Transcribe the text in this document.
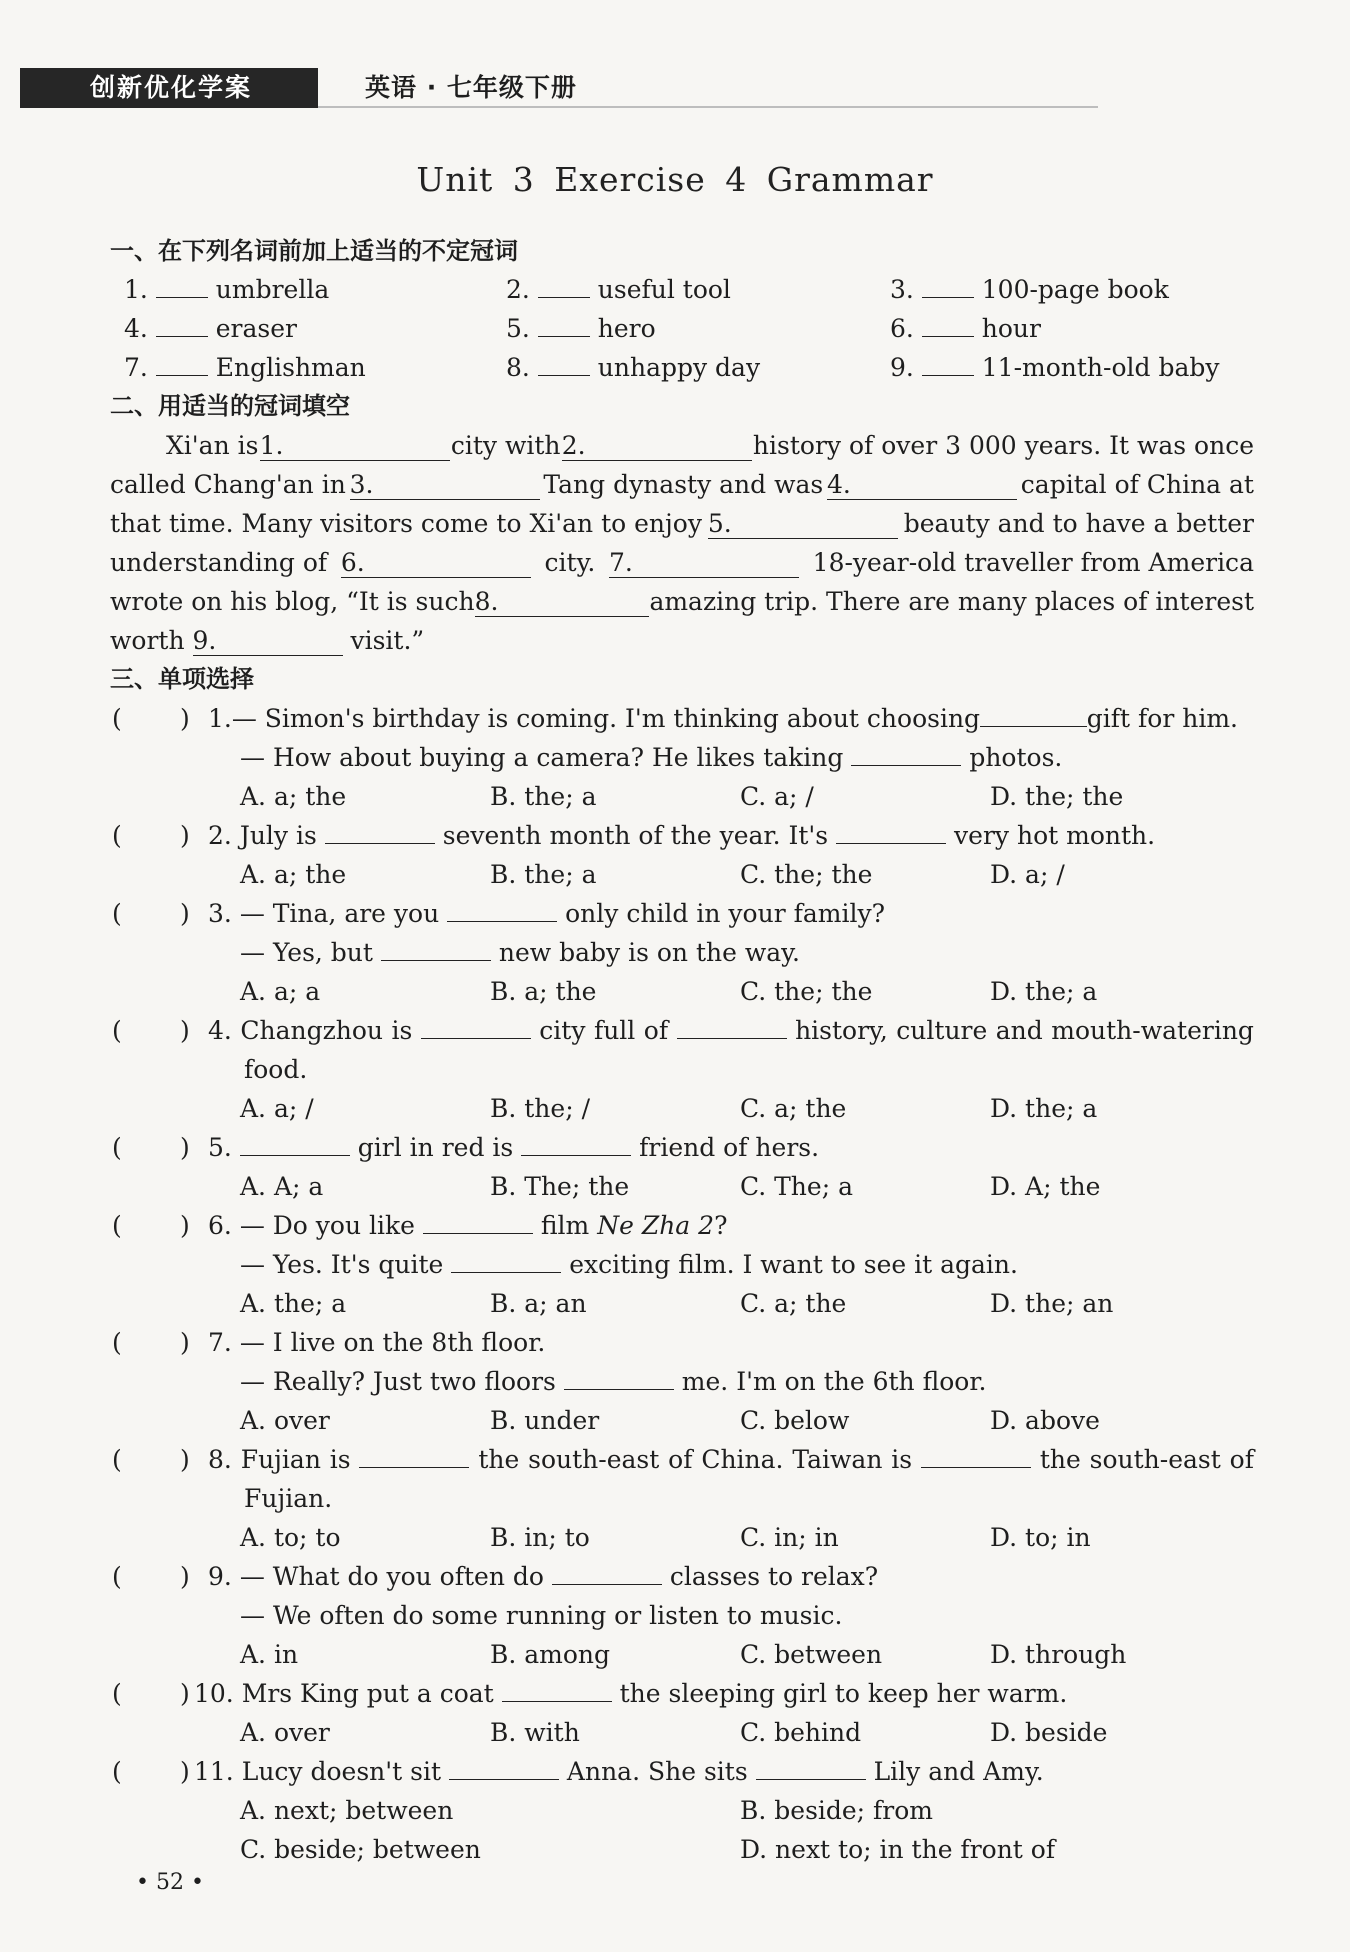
创新优化学案	英语 · 七年级下册
Unit 3 Exercise 4 Grammar
一、在下列名词前加上适当的不定冠词
1.	umbrella	2.	useful tool	3.	100-page book
4.	eraser	5.	hero	6.	hour
7.	Englishman	8.	unhappy day	9.	11-month-old baby
二、用适当的冠词填空
Xi'an is 1.	city with 2.	history of over 3 000 years. It was once
called Chang'an in 3.	Tang dynasty and was 4.	capital of China at
that time. Many visitors come to Xi'an to enjoy 5.	beauty and to have a better
understanding of 6.	city. 7.	18-year-old traveller from America
wrote on his blog, “It is such 8.	amazing trip. There are many places of interest
worth 9.	visit.”
三、单项选择
( ) 1. — Simon's birthday is coming. I'm thinking about choosing	gift for him.
— How about buying a camera? He likes taking	photos.
A. a; the	B. the; a	C. a; /	D. the; the
( ) 2. July is	seventh month of the year. It's	very hot month.
A. a; the	B. the; a	C. the; the	D. a; /
( ) 3. — Tina, are you	only child in your family?
— Yes, but	new baby is on the way.
A. a; a	B. a; the	C. the; the	D. the; a
( ) 4. Changzhou is	city full of	history, culture and mouth-watering
food.
A. a; /	B. the; /	C. a; the	D. the; a
( ) 5.	girl in red is	friend of hers.
A. A; a	B. The; the	C. The; a	D. A; the
( ) 6. — Do you like	film Ne Zha 2?
— Yes. It's quite	exciting film. I want to see it again.
A. the; a	B. a; an	C. a; the	D. the; an
( ) 7. — I live on the 8th floor.
— Really? Just two floors	me. I'm on the 6th floor.
A. over	B. under	C. below	D. above
( ) 8. Fujian is	the south-east of China. Taiwan is	the south-east of
Fujian.
A. to; to	B. in; to	C. in; in	D. to; in
( ) 9. — What do you often do	classes to relax?
— We often do some running or listen to music.
A. in	B. among	C. between	D. through
( ) 10. Mrs King put a coat	the sleeping girl to keep her warm.
A. over	B. with	C. behind	D. beside
( ) 11. Lucy doesn't sit	Anna. She sits	Lily and Amy.
A. next; between	B. beside; from
C. beside; between	D. next to; in the front of
• 52 •
